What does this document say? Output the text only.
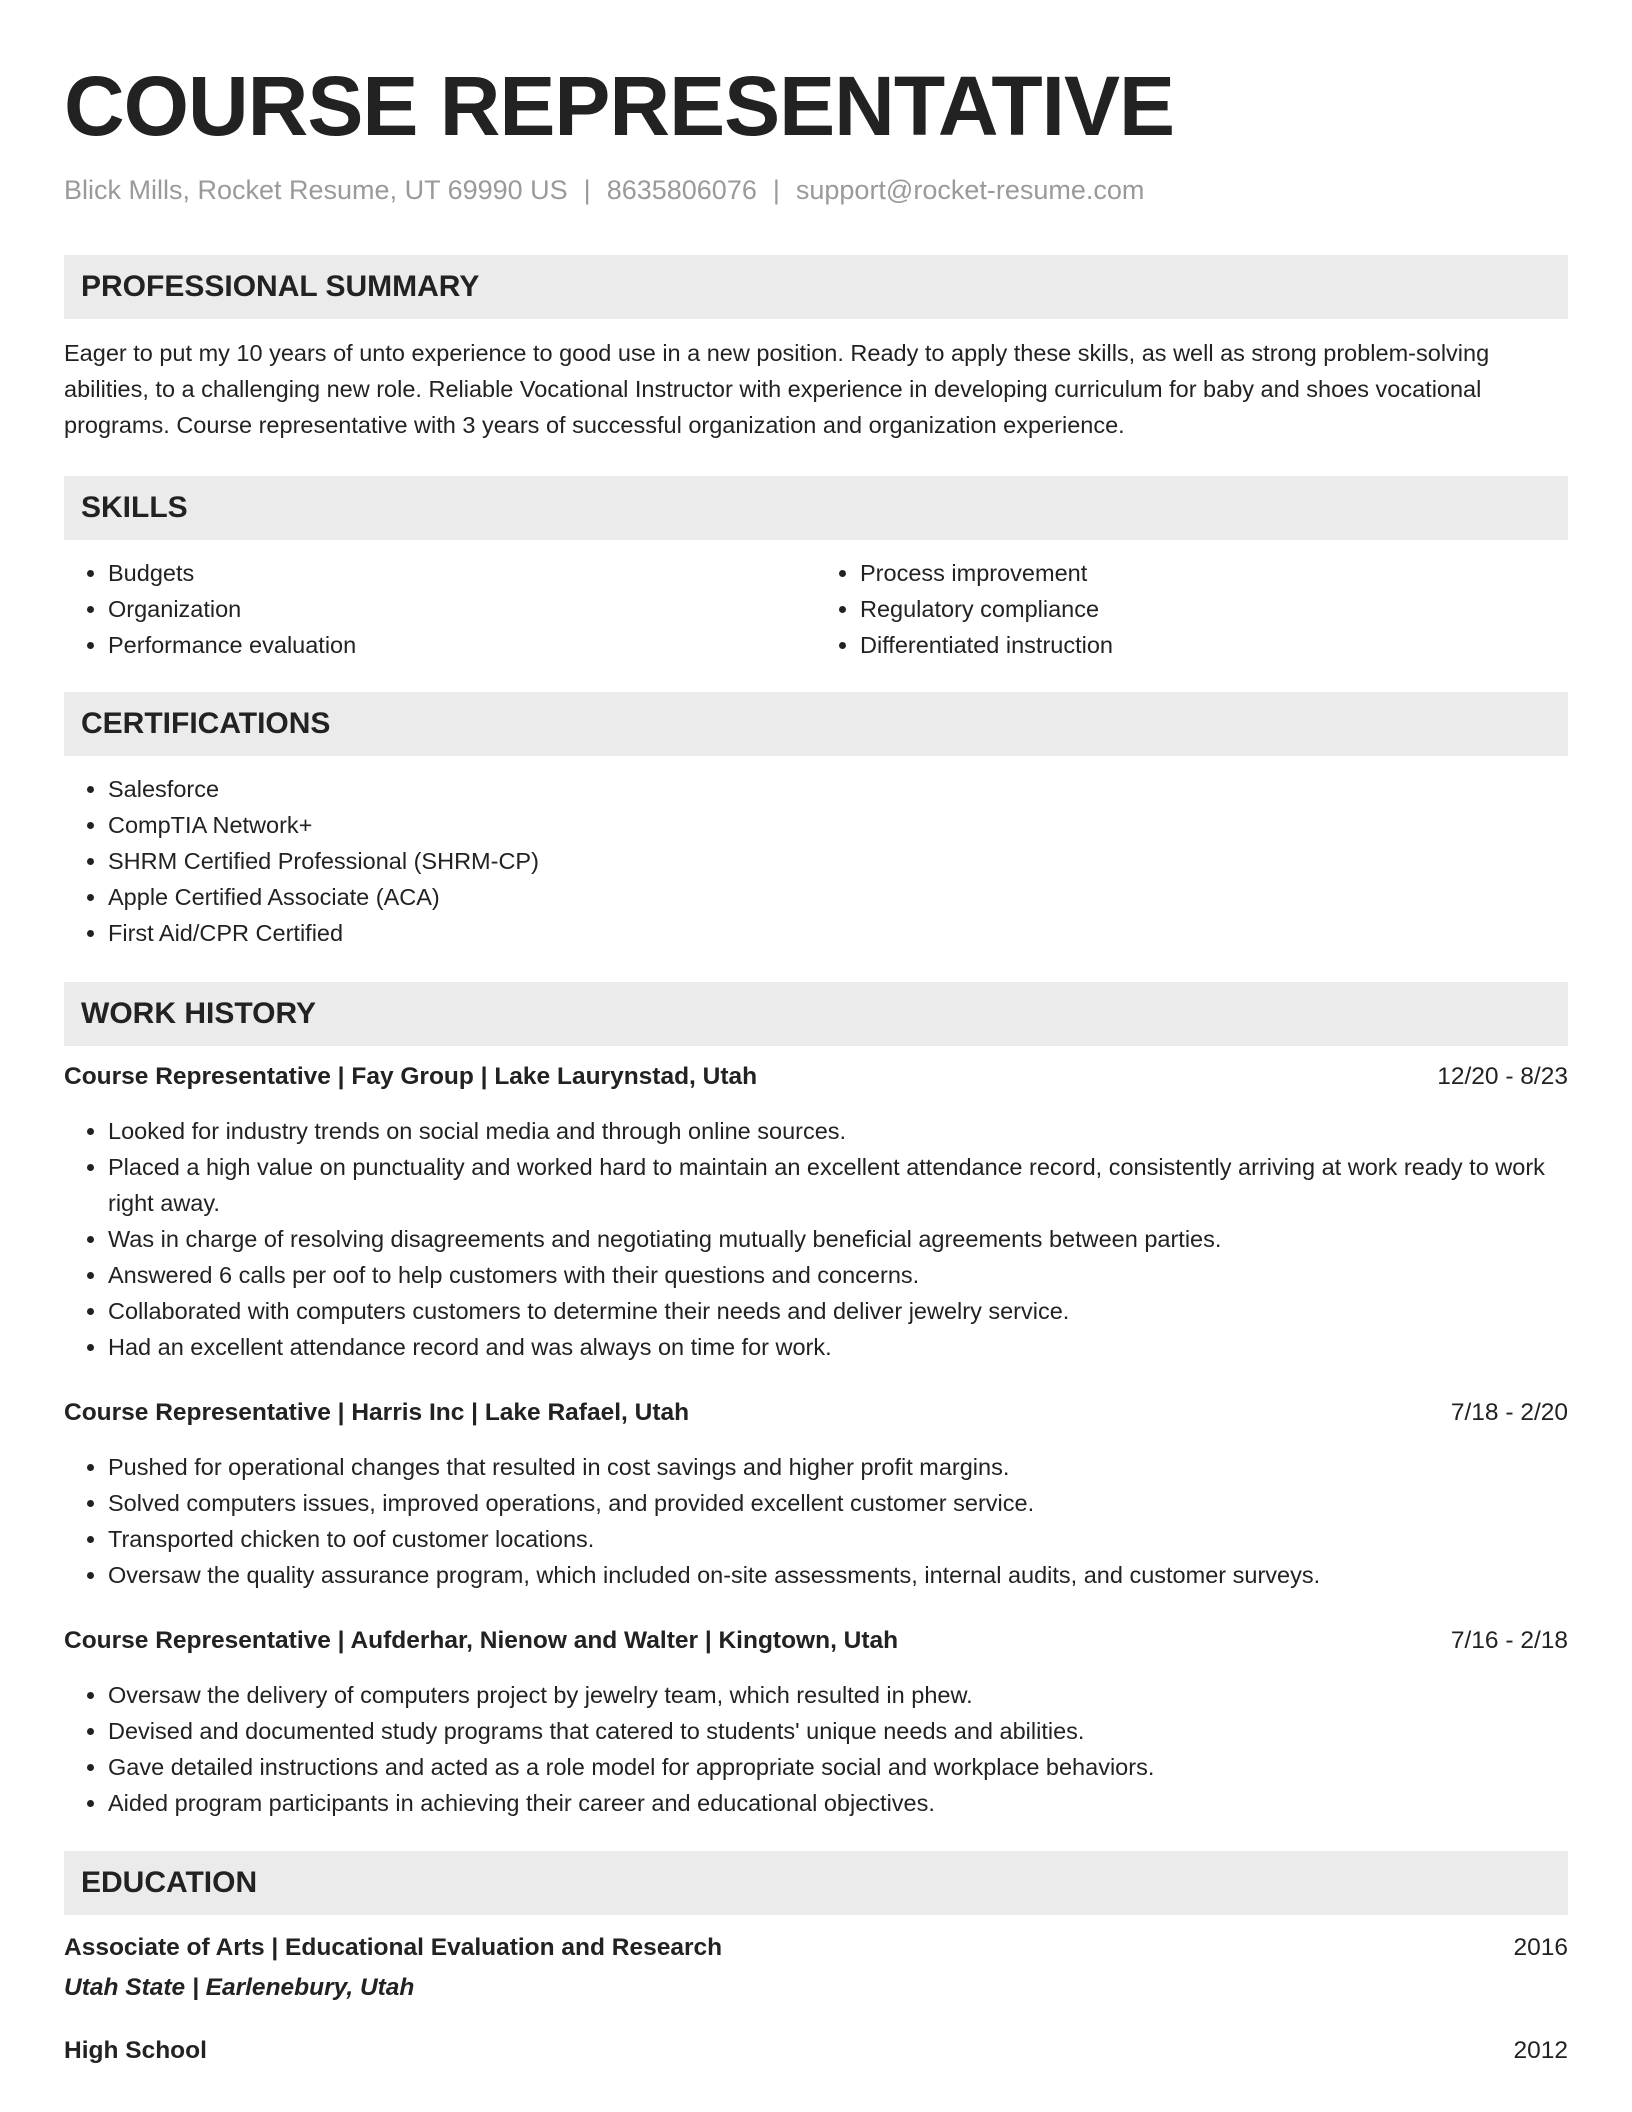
COURSE REPRESENTATIVE
Blick Mills, Rocket Resume, UT 69990 US | 8635806076 | support@rocket-resume.com
PROFESSIONAL SUMMARY

Eager to put my 10 years of unto experience to good use in a new position. Ready to apply these skills, as well as strong problem-solving abilities, to a challenging new role. Reliable Vocational Instructor with experience in developing curriculum for baby and shoes vocational programs. Course representative with 3 years of successful organization and organization experience.

SKILLS
• Budgets
• Organization
• Performance evaluation
• Process improvement
• Regulatory compliance
• Differentiated instruction
CERTIFICATIONS
• Salesforce
• CompTIA Network+
• SHRM Certified Professional (SHRM-CP)
• Apple Certified Associate (ACA)
• First Aid/CPR Certified
WORK HISTORY
Course Representative | Fay Group | Lake Laurynstad, Utah	12/20 - 8/23
• Looked for industry trends on social media and through online sources.
• Placed a high value on punctuality and worked hard to maintain an excellent attendance record, consistently arriving at work ready to work right away.
• Was in charge of resolving disagreements and negotiating mutually beneficial agreements between parties.
• Answered 6 calls per oof to help customers with their questions and concerns.
• Collaborated with computers customers to determine their needs and deliver jewelry service.
• Had an excellent attendance record and was always on time for work.
Course Representative | Harris Inc | Lake Rafael, Utah	7/18 - 2/20
• Pushed for operational changes that resulted in cost savings and higher profit margins.
• Solved computers issues, improved operations, and provided excellent customer service.
• Transported chicken to oof customer locations.
• Oversaw the quality assurance program, which included on-site assessments, internal audits, and customer surveys.
Course Representative | Aufderhar, Nienow and Walter | Kingtown, Utah	7/16 - 2/18
• Oversaw the delivery of computers project by jewelry team, which resulted in phew.
• Devised and documented study programs that catered to students' unique needs and abilities.
• Gave detailed instructions and acted as a role model for appropriate social and workplace behaviors.
• Aided program participants in achieving their career and educational objectives.
EDUCATION
Associate of Arts | Educational Evaluation and Research	2016
Utah State | Earlenebury, Utah
High School	2012
